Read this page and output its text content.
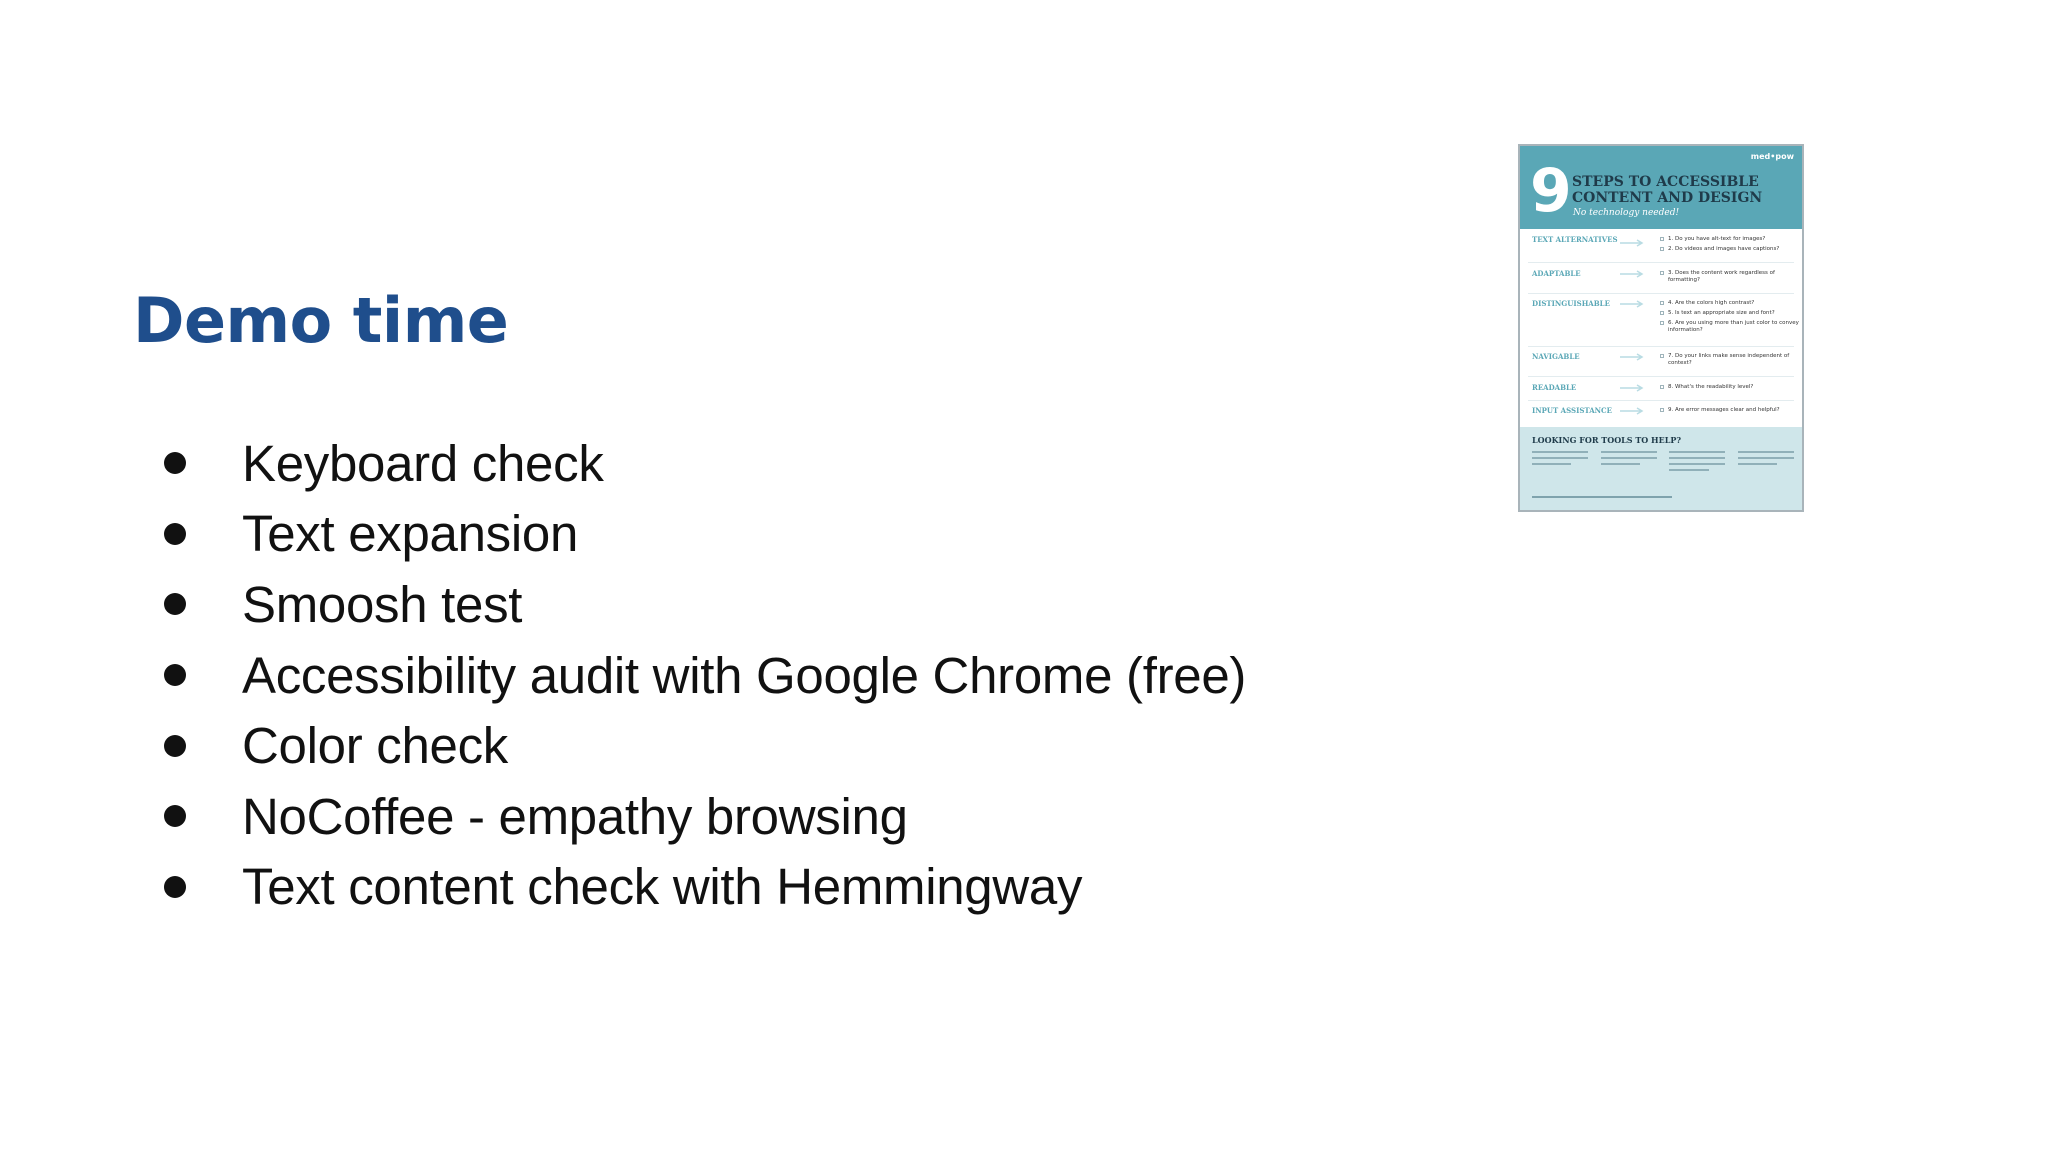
Demo time
Keyboard check
Text expansion
Smoosh test
Accessibility audit with Google Chrome (free)
Color check
NoCoffee - empathy browsing
Text content check with Hemmingway
med•pow
9 STEPS TO ACCESSIBLE
CONTENT AND DESIGN
No technology needed!
TEXT ALTERNATIVES	1. Do you have alt-text for images?
2. Do videos and images have captions?
ADAPTABLE	3. Does the content work regardless of formatting?
DISTINGUISHABLE	4. Are the colors high contrast?
5. Is text an appropriate size and font?
6. Are you using more than just color to convey information?
NAVIGABLE	7. Do your links make sense independent of context?
READABLE	8. What's the readability level?
INPUT ASSISTANCE	9. Are error messages clear and helpful?
LOOKING FOR TOOLS TO HELP?
